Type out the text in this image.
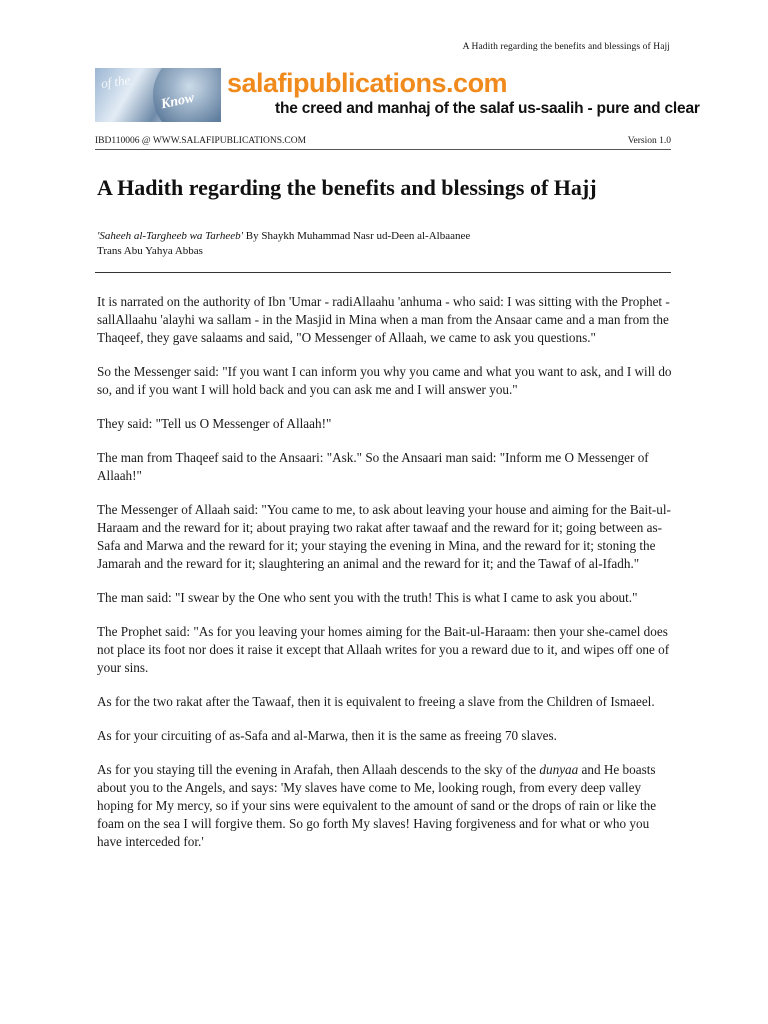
A Hadith regarding the benefits and blessings of Hajj
of the
Know
salafipublications.com
the creed and manhaj of the salaf us-saalih - pure and clear
IBD110006 @ WWW.SALAFIPUBLICATIONS.COM	Version 1.0
A Hadith regarding the benefits and blessings of Hajj
'Saheeh al-Targheeb wa Tarheeb' By Shaykh Muhammad Nasr ud-Deen al-Albaanee
Trans Abu Yahya Abbas

It is narrated on the authority of Ibn 'Umar - radiAllaahu 'anhuma - who said: I was sitting with the Prophet - sallAllaahu 'alayhi wa sallam - in the Masjid in Mina when a man from the Ansaar came and a man from the Thaqeef, they gave salaams and said, "O Messenger of Allaah, we came to ask you questions."

So the Messenger said: "If you want I can inform you why you came and what you want to ask, and I will do so, and if you want I will hold back and you can ask me and I will answer you."

They said: "Tell us O Messenger of Allaah!"

The man from Thaqeef said to the Ansaari: "Ask." So the Ansaari man said: "Inform me O Messenger of Allaah!"

The Messenger of Allaah said: "You came to me, to ask about leaving your house and aiming for the Bait-ul-Haraam and the reward for it; about praying two rakat after tawaaf and the reward for it; going between as-Safa and Marwa and the reward for it; your staying the evening in Mina, and the reward for it; stoning the Jamarah and the reward for it; slaughtering an animal and the reward for it; and the Tawaf of al-Ifadh."

The man said: "I swear by the One who sent you with the truth! This is what I came to ask you about."

The Prophet said: "As for you leaving your homes aiming for the Bait-ul-Haraam: then your she-camel does not place its foot nor does it raise it except that Allaah writes for you a reward due to it, and wipes off one of your sins.

As for the two rakat after the Tawaaf, then it is equivalent to freeing a slave from the Children of Ismaeel.

As for your circuiting of as-Safa and al-Marwa, then it is the same as freeing 70 slaves.

As for you staying till the evening in Arafah, then Allaah descends to the sky of the dunyaa and He boasts about you to the Angels, and says: 'My slaves have come to Me, looking rough, from every deep valley hoping for My mercy, so if your sins were equivalent to the amount of sand or the drops of rain or like the foam on the sea I will forgive them. So go forth My slaves! Having forgiveness and for what or who you have interceded for.'
